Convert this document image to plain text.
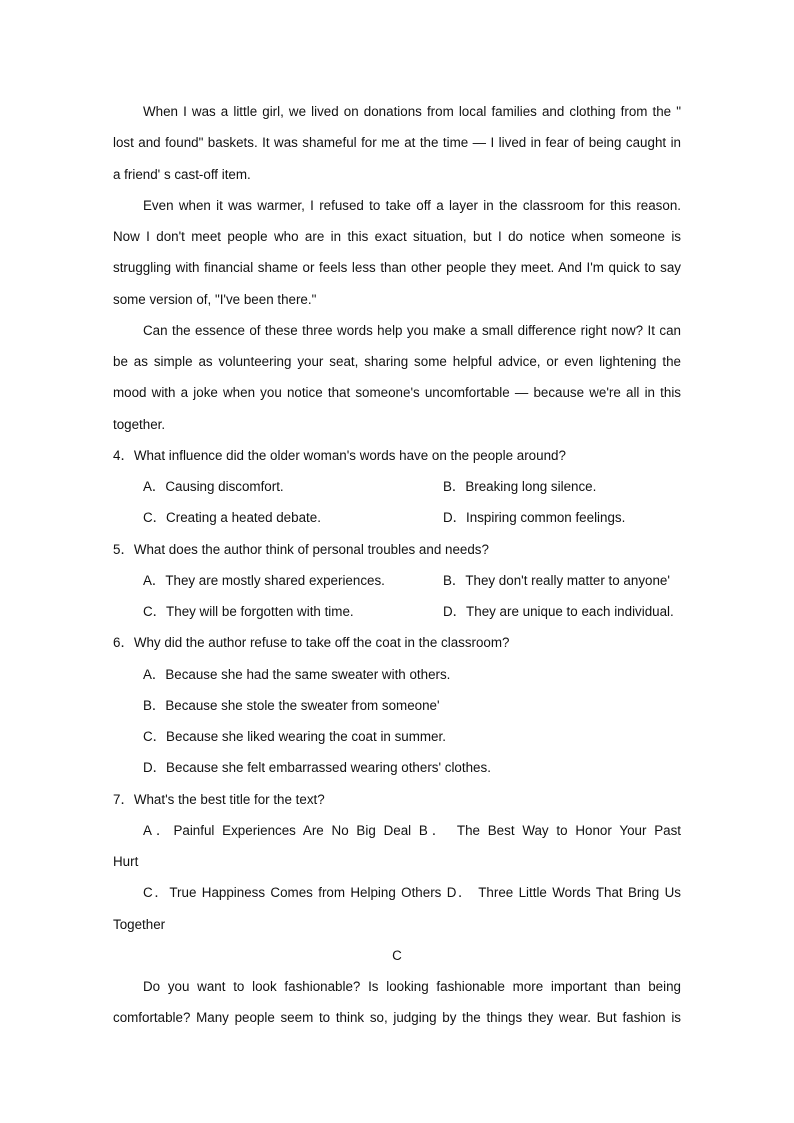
When I was a little girl, we lived on donations from local families and clothing from the "
lost and found" baskets. It was shameful for me at the time — I lived in fear of being caught in
a friend' s cast-off item.
Even when it was warmer, I refused to take off a layer in the classroom for this reason.
Now I don't meet people who are in this exact situation, but I do notice when someone is
struggling with financial shame or feels less than other people they meet. And I'm quick to say
some version of, "I've been there."
Can the essence of these three words help you make a small difference right now? It can
be as simple as volunteering your seat, sharing some helpful advice, or even lightening the
mood with a joke when you notice that someone's uncomfortable — because we're all in this
together.
4．What influence did the older woman's words have on the people around?
A．Causing discomfort.	B．Breaking long silence.
C．Creating a heated debate.	D．Inspiring common feelings.
5．What does the author think of personal troubles and needs?
A．They are mostly shared experiences.	B．They don't really matter to anyone'
C．They will be forgotten with time.	D．They are unique to each individual.
6．Why did the author refuse to take off the coat in the classroom?
A．Because she had the same sweater with others.
B．Because she stole the sweater from someone'
C．Because she liked wearing the coat in summer.
D．Because she felt embarrassed wearing others' clothes.
7．What's the best title for the text?
A．Painful Experiences Are No Big Deal B． The Best Way to Honor Your Past
Hurt
C．True Happiness Comes from Helping Others D． Three Little Words That Bring Us
Together
C
Do you want to look fashionable? Is looking fashionable more important than being
comfortable? Many people seem to think so, judging by the things they wear. But fashion is
